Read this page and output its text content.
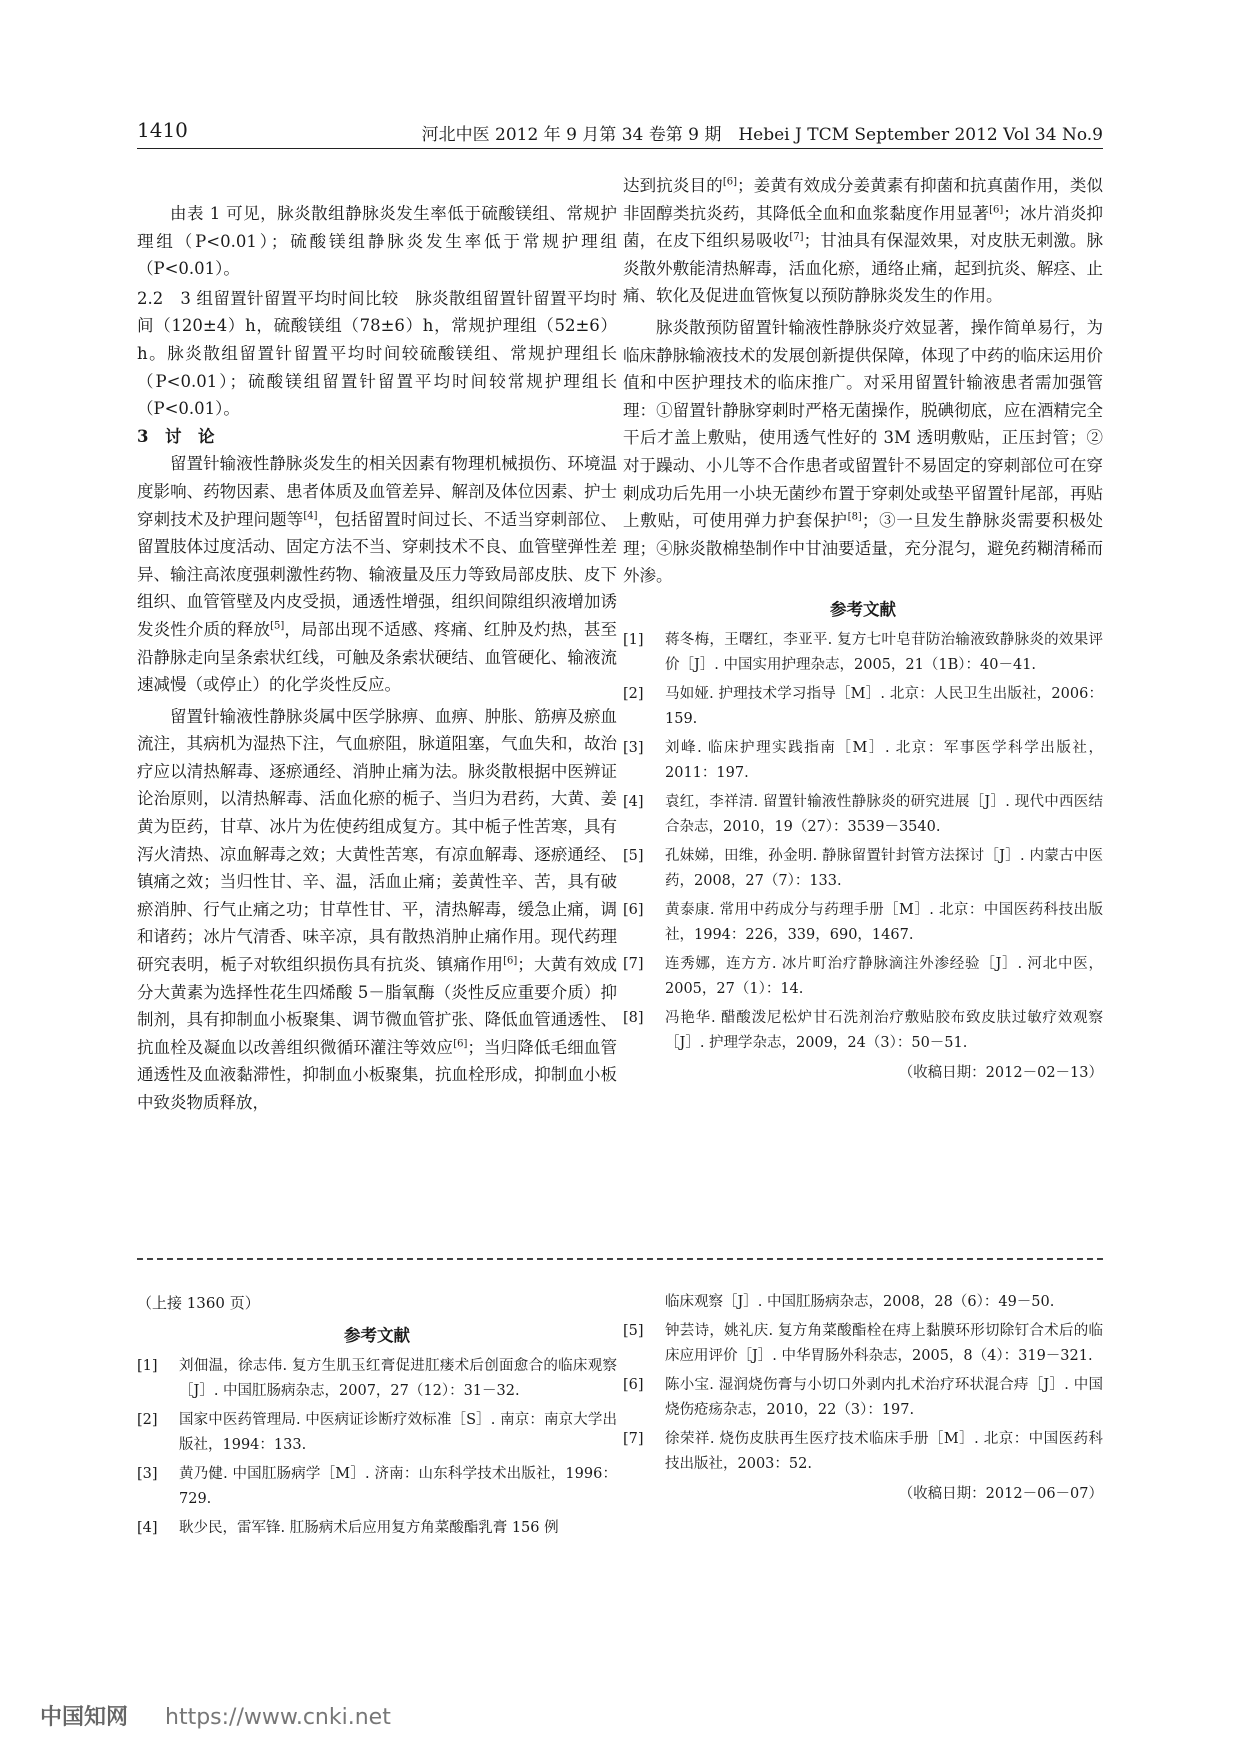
1410	河北中医 2012 年 9 月第 34 卷第 9 期　Hebei J TCM September 2012 Vol 34 No.9

由表 1 可见，脉炎散组静脉炎发生率低于硫酸镁组、常规护理组（P<0.01）；硫酸镁组静脉炎发生率低于常规护理组（P<0.01）。

2.2　3 组留置针留置平均时间比较　脉炎散组留置针留置平均时间（120±4）h，硫酸镁组（78±6）h，常规护理组（52±6）h。脉炎散组留置针留置平均时间较硫酸镁组、常规护理组长（P<0.01）；硫酸镁组留置针留置平均时间较常规护理组长（P<0.01）。

3　讨　论

留置针输液性静脉炎发生的相关因素有物理机械损伤、环境温度影响、药物因素、患者体质及血管差异、解剖及体位因素、护士穿刺技术及护理问题等[4]，包括留置时间过长、不适当穿刺部位、留置肢体过度活动、固定方法不当、穿刺技术不良、血管壁弹性差异、输注高浓度强刺激性药物、输液量及压力等致局部皮肤、皮下组织、血管管壁及内皮受损，通透性增强，组织间隙组织液增加诱发炎性介质的释放[5]，局部出现不适感、疼痛、红肿及灼热，甚至沿静脉走向呈条索状红线，可触及条索状硬结、血管硬化、输液流速减慢（或停止）的化学炎性反应。

留置针输液性静脉炎属中医学脉痹、血痹、肿胀、筋痹及瘀血流注，其病机为湿热下注，气血瘀阻，脉道阻塞，气血失和，故治疗应以清热解毒、逐瘀通经、消肿止痛为法。脉炎散根据中医辨证论治原则，以清热解毒、活血化瘀的栀子、当归为君药，大黄、姜黄为臣药，甘草、冰片为佐使药组成复方。其中栀子性苦寒，具有泻火清热、凉血解毒之效；大黄性苦寒，有凉血解毒、逐瘀通经、镇痛之效；当归性甘、辛、温，活血止痛；姜黄性辛、苦，具有破瘀消肿、行气止痛之功；甘草性甘、平，清热解毒，缓急止痛，调和诸药；冰片气清香、味辛凉，具有散热消肿止痛作用。现代药理研究表明，栀子对软组织损伤具有抗炎、镇痛作用[6]；大黄有效成分大黄素为选择性花生四烯酸 5－脂氧酶（炎性反应重要介质）抑制剂，具有抑制血小板聚集、调节微血管扩张、降低血管通透性、抗血栓及凝血以改善组织微循环灌注等效应[6]；当归降低毛细血管通透性及血液黏滞性，抑制血小板聚集，抗血栓形成，抑制血小板中致炎物质释放，

达到抗炎目的[6]；姜黄有效成分姜黄素有抑菌和抗真菌作用，类似非固醇类抗炎药，其降低全血和血浆黏度作用显著[6]；冰片消炎抑菌，在皮下组织易吸收[7]；甘油具有保湿效果，对皮肤无刺激。脉炎散外敷能清热解毒，活血化瘀，通络止痛，起到抗炎、解痉、止痛、软化及促进血管恢复以预防静脉炎发生的作用。

脉炎散预防留置针输液性静脉炎疗效显著，操作简单易行，为临床静脉输液技术的发展创新提供保障，体现了中药的临床运用价值和中医护理技术的临床推广。对采用留置针输液患者需加强管理：①留置针静脉穿刺时严格无菌操作，脱碘彻底，应在酒精完全干后才盖上敷贴，使用透气性好的 3M 透明敷贴，正压封管；②对于躁动、小儿等不合作患者或留置针不易固定的穿刺部位可在穿刺成功后先用一小块无菌纱布置于穿刺处或垫平留置针尾部，再贴上敷贴，可使用弹力护套保护[8]；③一旦发生静脉炎需要积极处理；④脉炎散棉垫制作中甘油要适量，充分混匀，避免药糊清稀而外渗。

参考文献
[1]	蒋冬梅，王曙红，李亚平. 复方七叶皂苷防治输液致静脉炎的效果评价［J］. 中国实用护理杂志，2005，21（1B）：40－41.
[2]	马如娅. 护理技术学习指导［M］. 北京：人民卫生出版社，2006：159.
[3]	刘峰. 临床护理实践指南［M］. 北京：军事医学科学出版社，2011：197.
[4]	袁红，李祥清. 留置针输液性静脉炎的研究进展［J］. 现代中西医结合杂志，2010，19（27）：3539－3540.
[5]	孔妹娣，田维，孙金明. 静脉留置针封管方法探讨［J］. 内蒙古中医药，2008，27（7）：133.
[6]	黄泰康. 常用中药成分与药理手册［M］. 北京：中国医药科技出版社，1994：226，339，690，1467.
[7]	连秀娜，连方方. 冰片町治疗静脉滴注外渗经验［J］. 河北中医，2005，27（1）：14.
[8]	冯艳华. 醋酸泼尼松炉甘石洗剂治疗敷贴胶布致皮肤过敏疗效观察［J］. 护理学杂志，2009，24（3）：50－51.
（收稿日期：2012－02－13）
（上接 1360 页）
参考文献
[1]	刘佃温，徐志伟. 复方生肌玉红膏促进肛瘘术后创面愈合的临床观察［J］. 中国肛肠病杂志，2007，27（12）：31－32.
[2]	国家中医药管理局. 中医病证诊断疗效标准［S］. 南京：南京大学出版社，1994：133.
[3]	黄乃健. 中国肛肠病学［M］. 济南：山东科学技术出版社，1996：729.
[4]	耿少民，雷军锋. 肛肠病术后应用复方角菜酸酯乳膏 156 例
临床观察［J］. 中国肛肠病杂志，2008，28（6）：49－50.
[5]	钟芸诗，姚礼庆. 复方角菜酸酯栓在痔上黏膜环形切除钉合术后的临床应用评价［J］. 中华胃肠外科杂志，2005，8（4）：319－321.
[6]	陈小宝. 湿润烧伤膏与小切口外剥内扎术治疗环状混合痔［J］. 中国烧伤疮疡杂志，2010，22（3）：197.
[7]	徐荣祥. 烧伤皮肤再生医疗技术临床手册［M］. 北京：中国医药科技出版社，2003：52.
（收稿日期：2012－06－07）
中国知网 https://www.cnki.net
